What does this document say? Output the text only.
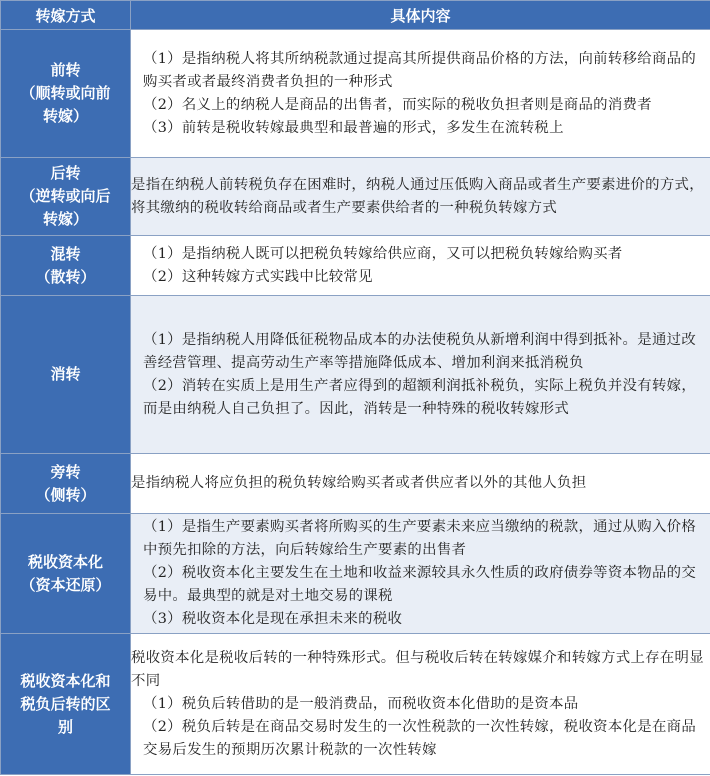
转嫁方式	具体内容

前转
（顺转或向前
转嫁）	（1）是指纳税人将其所纳税款通过提高其所提供商品价格的方法，向前转移给商品的购买者或者最终消费者负担的一种形式
（2）名义上的纳税人是商品的出售者，而实际的税收负担者则是商品的消费者
（3）前转是税收转嫁最典型和最普遍的形式，多发生在流转税上

后转
（逆转或向后
转嫁）	是指在纳税人前转税负存在困难时，纳税人通过压低购入商品或者生产要素进价的方式，将其缴纳的税收转给商品或者生产要素供给者的一种税负转嫁方式

混转
（散转）	（1）是指纳税人既可以把税负转嫁给供应商，又可以把税负转嫁给购买者
（2）这种转嫁方式实践中比较常见

消转	（1）是指纳税人用降低征税物品成本的办法使税负从新增利润中得到抵补。是通过改善经营管理、提高劳动生产率等措施降低成本、增加利润来抵消税负
（2）消转在实质上是用生产者应得到的超额利润抵补税负，实际上税负并没有转嫁，而是由纳税人自己负担了。因此，消转是一种特殊的税收转嫁形式

旁转
（侧转）	是指纳税人将应负担的税负转嫁给购买者或者供应者以外的其他人负担

税收资本化
（资本还原）	（1）是指生产要素购买者将所购买的生产要素未来应当缴纳的税款，通过从购入价格中预先扣除的方法，向后转嫁给生产要素的出售者
（2）税收资本化主要发生在土地和收益来源较具永久性质的政府债券等资本物品的交易中。最典型的就是对土地交易的课税
（3）税收资本化是现在承担未来的税收

税收资本化和
税负后转的区
别	税收资本化是税收后转的一种特殊形式。但与税收后转在转嫁媒介和转嫁方式上存在明显不同
（1）税负后转借助的是一般消费品，而税收资本化借助的是资本品
（2）税负后转是在商品交易时发生的一次性税款的一次性转嫁，税收资本化是在商品交易后发生的预期历次累计税款的一次性转嫁
